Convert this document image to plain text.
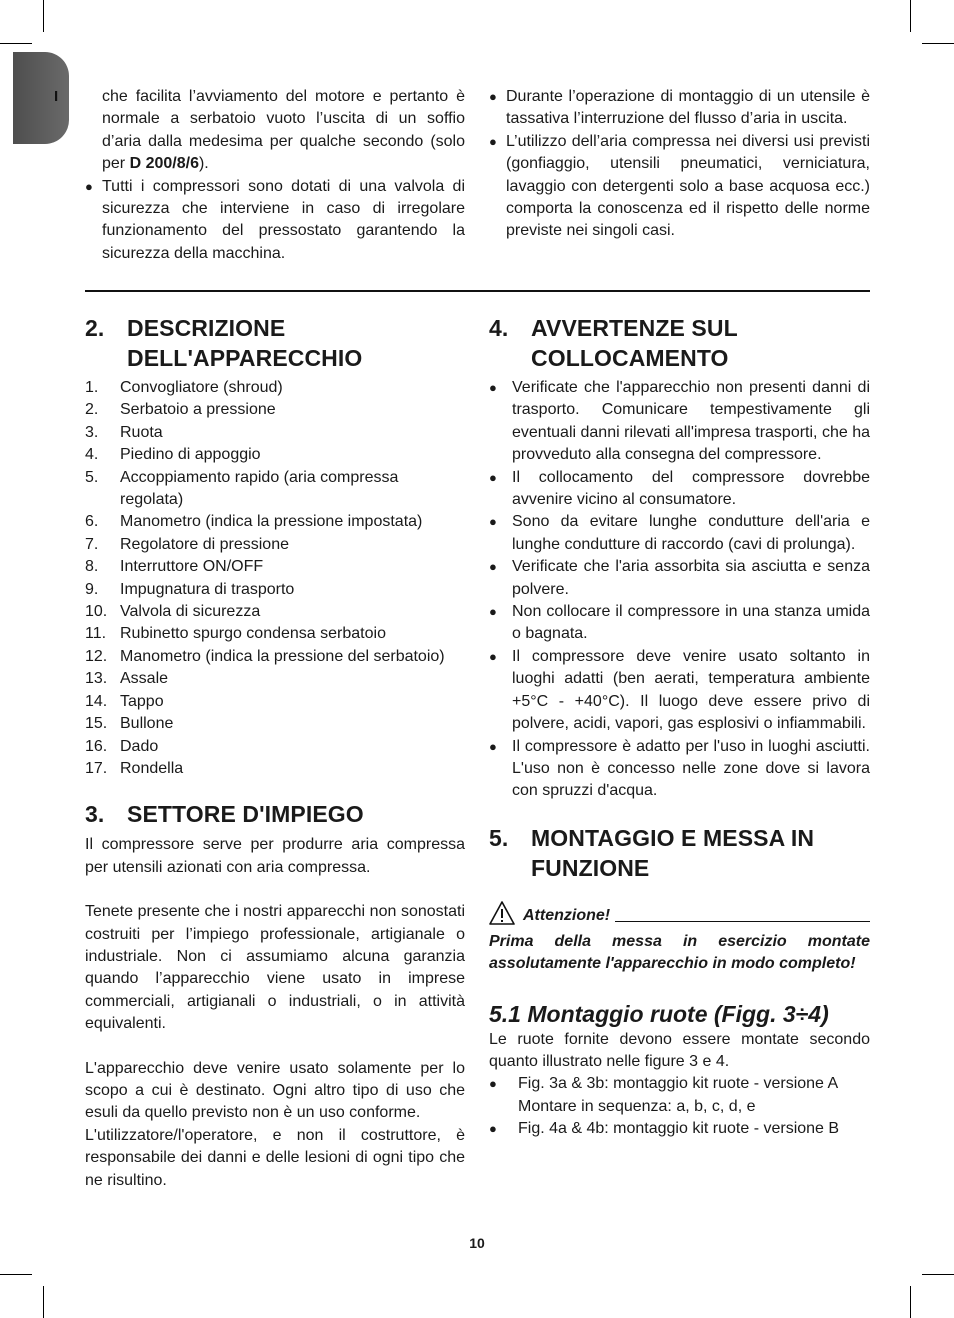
I	che facilita l’avviamento del motore e pertanto è normale a serbatoio vuoto l’uscita di un soffio d’aria dalla medesima per qualche secondo (solo per D 200/8/6).

● Tutti i compressori sono dotati di una valvola di sicurezza che interviene in caso di irregolare funzionamento del pressostato garantendo la sicurezza della macchina.
● Durante l’operazione di montaggio di un utensile è tassativa l’interruzione del flusso d’aria in uscita.
● L’utilizzo dell’aria compressa nei diversi usi previsti (gonfiaggio, utensili pneumatici, verniciatura, lavaggio con detergenti solo a base acquosa ecc.) comporta la conoscenza ed il rispetto delle norme previste nei singoli casi.
2. DESCRIZIONE
DELL'APPARECCHIO
1. Convogliatore (shroud)
2. Serbatoio a pressione
3. Ruota
4. Piedino di appoggio
5. Accoppiamento rapido (aria compressa regolata)
6. Manometro (indica la pressione impostata)
7. Regolatore di pressione
8. Interruttore ON/OFF
9. Impugnatura di trasporto
10. Valvola di sicurezza
11. Rubinetto spurgo condensa serbatoio
12. Manometro (indica la pressione del serbatoio)
13. Assale
14. Tappo
15. Bullone
16. Dado
17. Rondella
3. SETTORE D'IMPIEGO

Il compressore serve per produrre aria compressa per utensili azionati con aria compressa.

Tenete presente che i nostri apparecchi non sonostati costruiti per l’impiego professionale, artigianale o industriale. Non ci assumiamo alcuna garanzia quando l’apparecchio viene usato in imprese commerciali, artigianali o industriali, o in attività equivalenti.

L'apparecchio deve venire usato solamente per lo scopo a cui è destinato. Ogni altro tipo di uso che esuli da quello previsto non è un uso conforme.

L'utilizzatore/l'operatore, e non il costruttore, è responsabile dei danni e delle lesioni di ogni tipo che ne risultino.

4. AVVERTENZE SUL
COLLOCAMENTO
● Verificate che l'apparecchio non presenti danni di trasporto. Comunicare tempestivamente gli eventuali danni rilevati all'impresa trasporti, che ha provveduto alla consegna del compressore.
● Il collocamento del compressore dovrebbe avvenire vicino al consumatore.
● Sono da evitare lunghe condutture dell'aria e lunghe condutture di raccordo (cavi di prolunga).
● Verificate che l'aria assorbita sia asciutta e senza polvere.
● Non collocare il compressore in una stanza umida o bagnata.
● Il compressore deve venire usato soltanto in luoghi adatti (ben aerati, temperatura ambiente +5°C - +40°C). Il luogo deve essere privo di polvere, acidi, vapori, gas esplosivi o infiammabili.
● Il compressore è adatto per l'uso in luoghi asciutti. L'uso non è concesso nelle zone dove si lavora con spruzzi d'acqua.
5. MONTAGGIO E MESSA IN
FUNZIONE
Attenzione!

Prima della messa in esercizio montate assolutamente l'apparecchio in modo completo!

5.1 Montaggio ruote (Figg. 3÷4)

Le ruote fornite devono essere montate secondo quanto illustrato nelle figure 3 e 4.

● Fig. 3a & 3b: montaggio kit ruote - versione A
Montare in sequenza: a, b, c, d, e
● Fig. 4a & 4b: montaggio kit ruote - versione B
10
